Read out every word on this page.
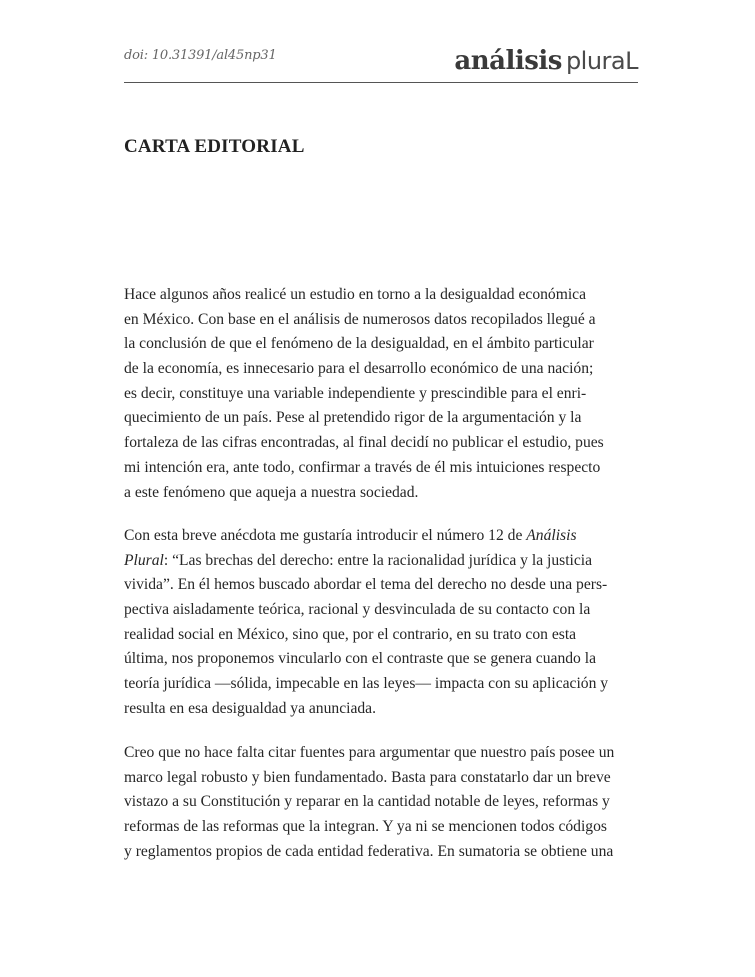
doi: 10.31391/al45np31	análisis pluraL
CARTA EDITORIAL
Hace algunos años realicé un estudio en torno a la desigualdad económica
en México. Con base en el análisis de numerosos datos recopilados llegué a
la conclusión de que el fenómeno de la desigualdad, en el ámbito particular
de la economía, es innecesario para el desarrollo económico de una nación;
es decir, constituye una variable independiente y prescindible para el enri-
quecimiento de un país. Pese al pretendido rigor de la argumentación y la
fortaleza de las cifras encontradas, al final decidí no publicar el estudio, pues
mi intención era, ante todo, confirmar a través de él mis intuiciones respecto
a este fenómeno que aqueja a nuestra sociedad.
Con esta breve anécdota me gustaría introducir el número 12 de Análisis
Plural: “Las brechas del derecho: entre la racionalidad jurídica y la justicia
vivida”. En él hemos buscado abordar el tema del derecho no desde una pers-
pectiva aisladamente teórica, racional y desvinculada de su contacto con la
realidad social en México, sino que, por el contrario, en su trato con esta
última, nos proponemos vincularlo con el contraste que se genera cuando la
teoría jurídica —sólida, impecable en las leyes— impacta con su aplicación y
resulta en esa desigualdad ya anunciada.
Creo que no hace falta citar fuentes para argumentar que nuestro país posee un
marco legal robusto y bien fundamentado. Basta para constatarlo dar un breve
vistazo a su Constitución y reparar en la cantidad notable de leyes, reformas y
reformas de las reformas que la integran. Y ya ni se mencionen todos códigos
y reglamentos propios de cada entidad federativa. En sumatoria se obtiene una
